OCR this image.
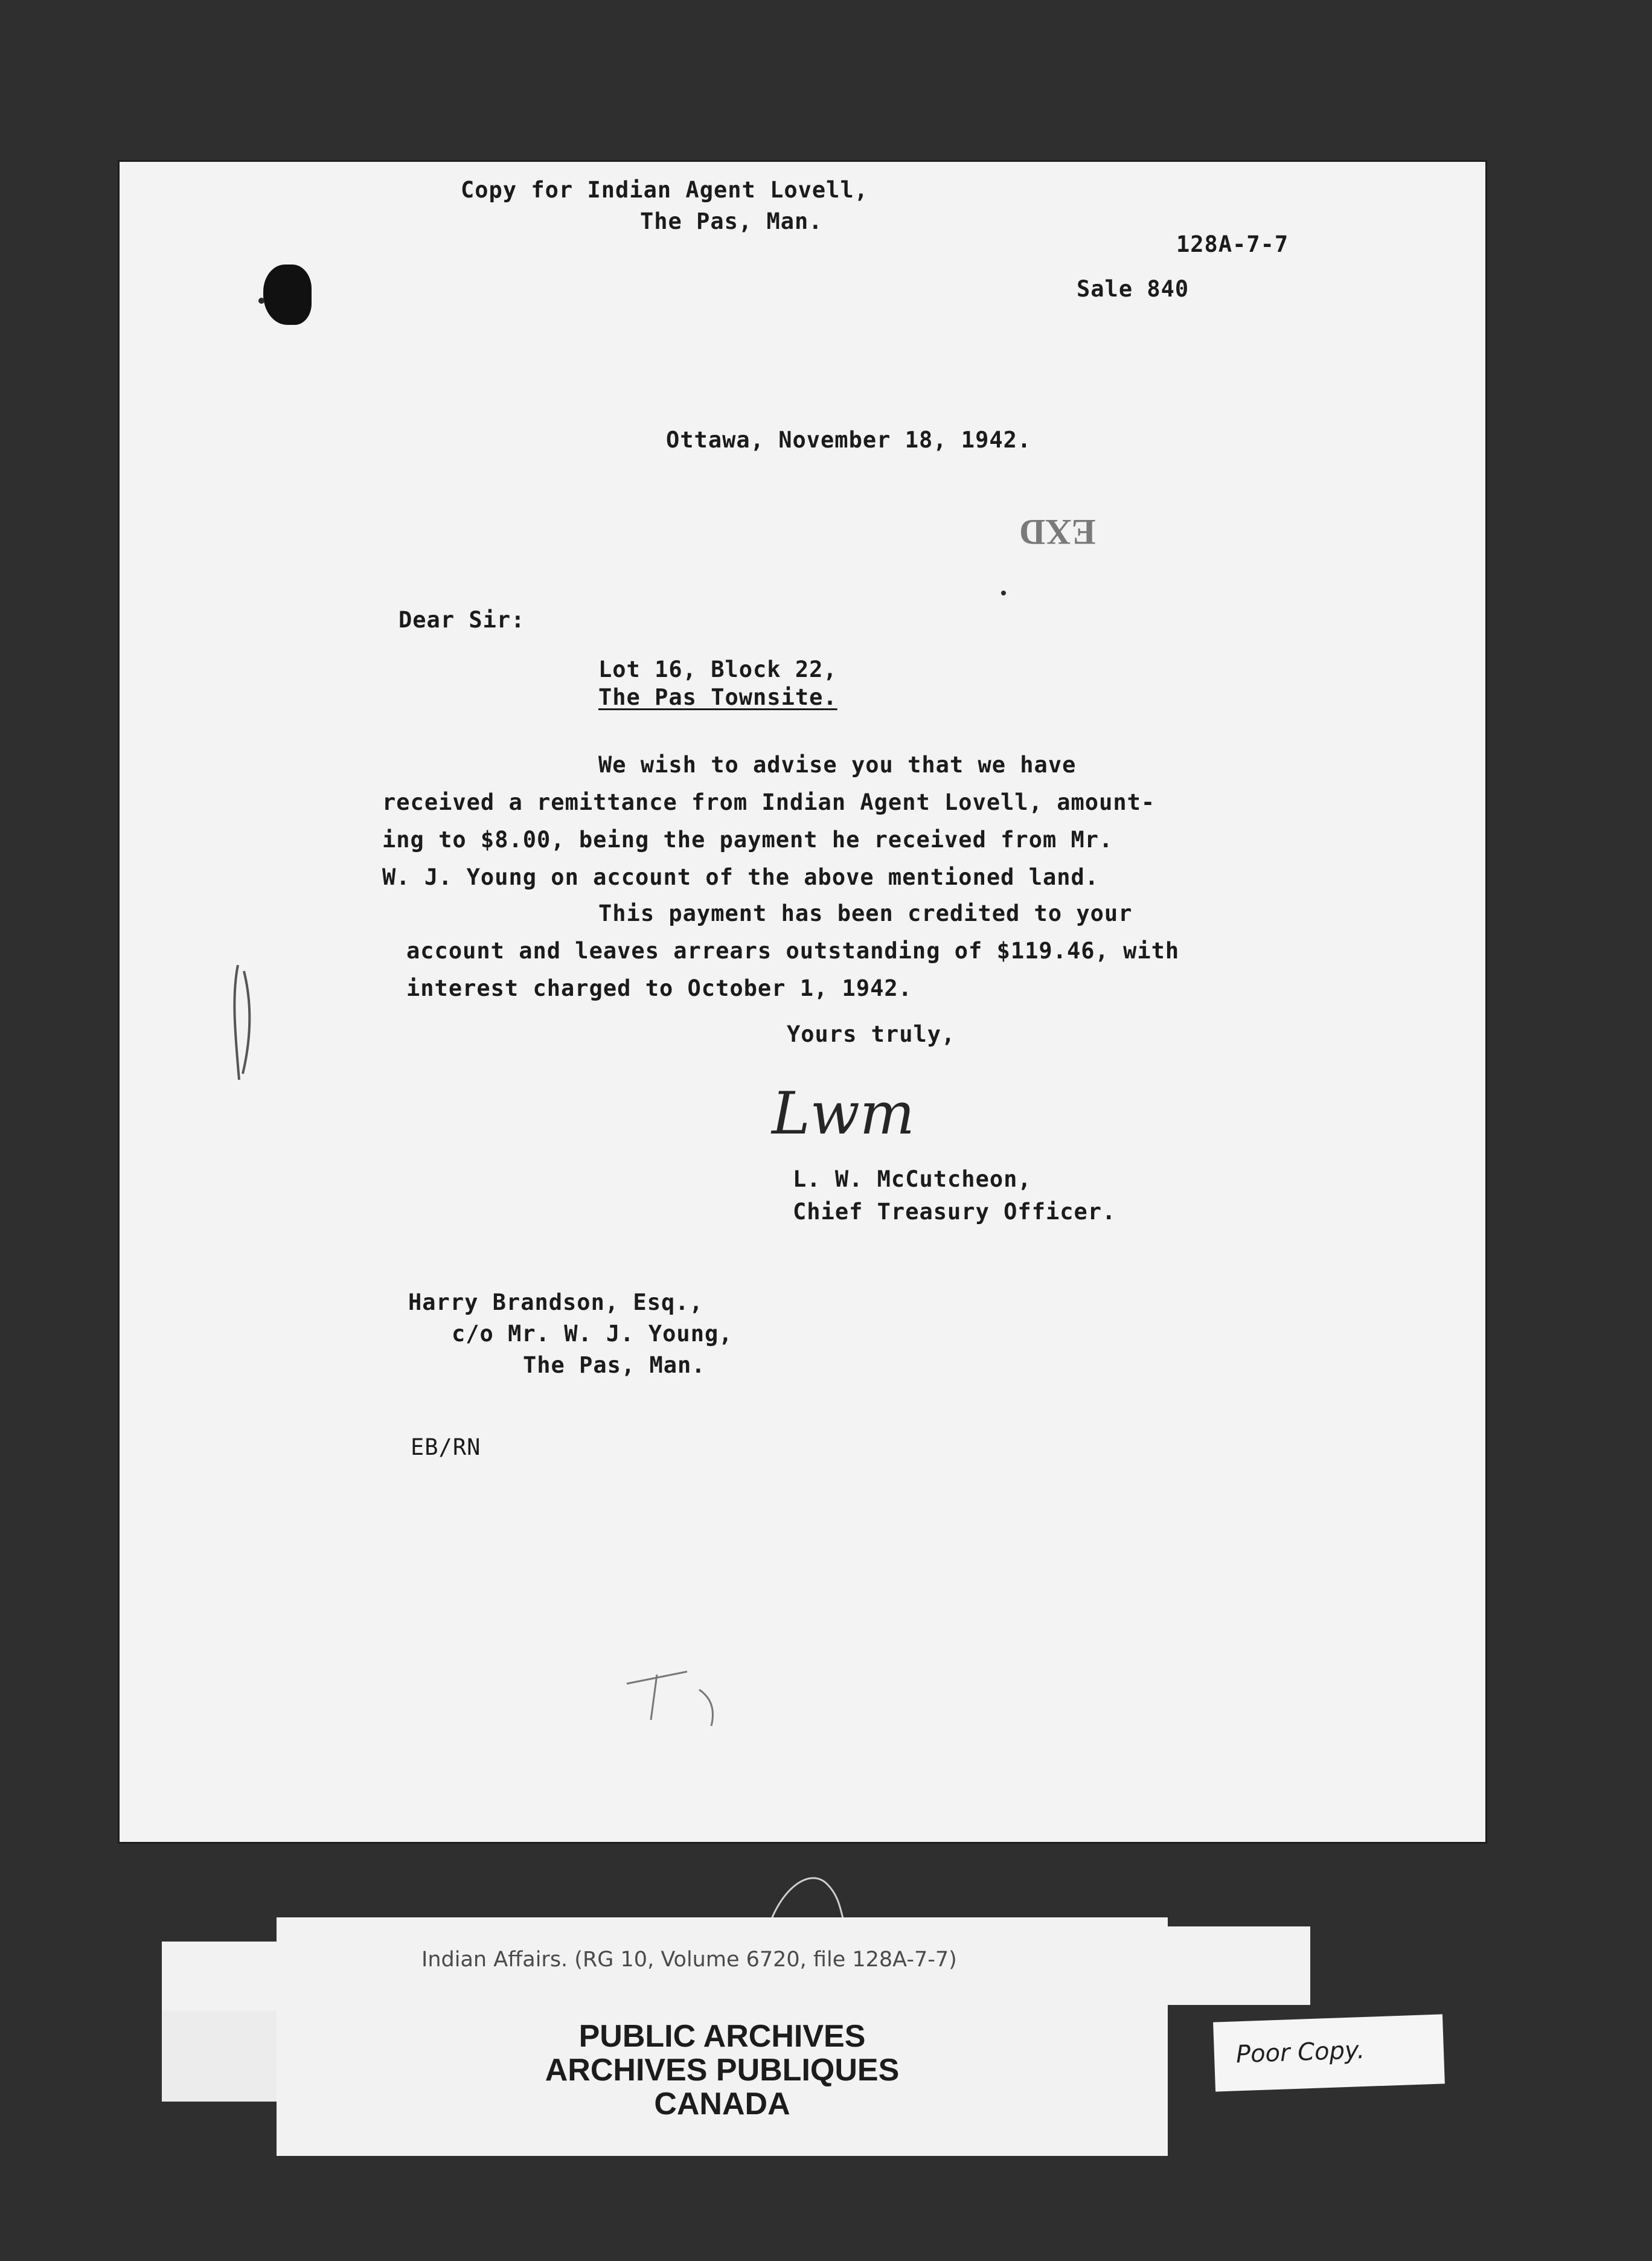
Copy for Indian Agent Lovell,
The Pas, Man.
128A-7-7
Sale 840
Ottawa, November 18, 1942.
EXD
Dear Sir:
Lot 16, Block 22,
The Pas Townsite.
We wish to advise you that we have
received a remittance from Indian Agent Lovell, amount-
ing to $8.00, being the payment he received from Mr.
W. J. Young on account of the above mentioned land.
This payment has been credited to your
account and leaves arrears outstanding of $119.46, with
interest charged to October 1, 1942.
Yours truly,
Lwm
L. W. McCutcheon,
Chief Treasury Officer.
Harry Brandson, Esq.,
c/o Mr. W. J. Young,
The Pas, Man.
EB/RN
Indian Affairs. (RG 10, Volume 6720, file 128A-7-7)
PUBLIC ARCHIVES
ARCHIVES PUBLIQUES
CANADA
Poor Copy.
